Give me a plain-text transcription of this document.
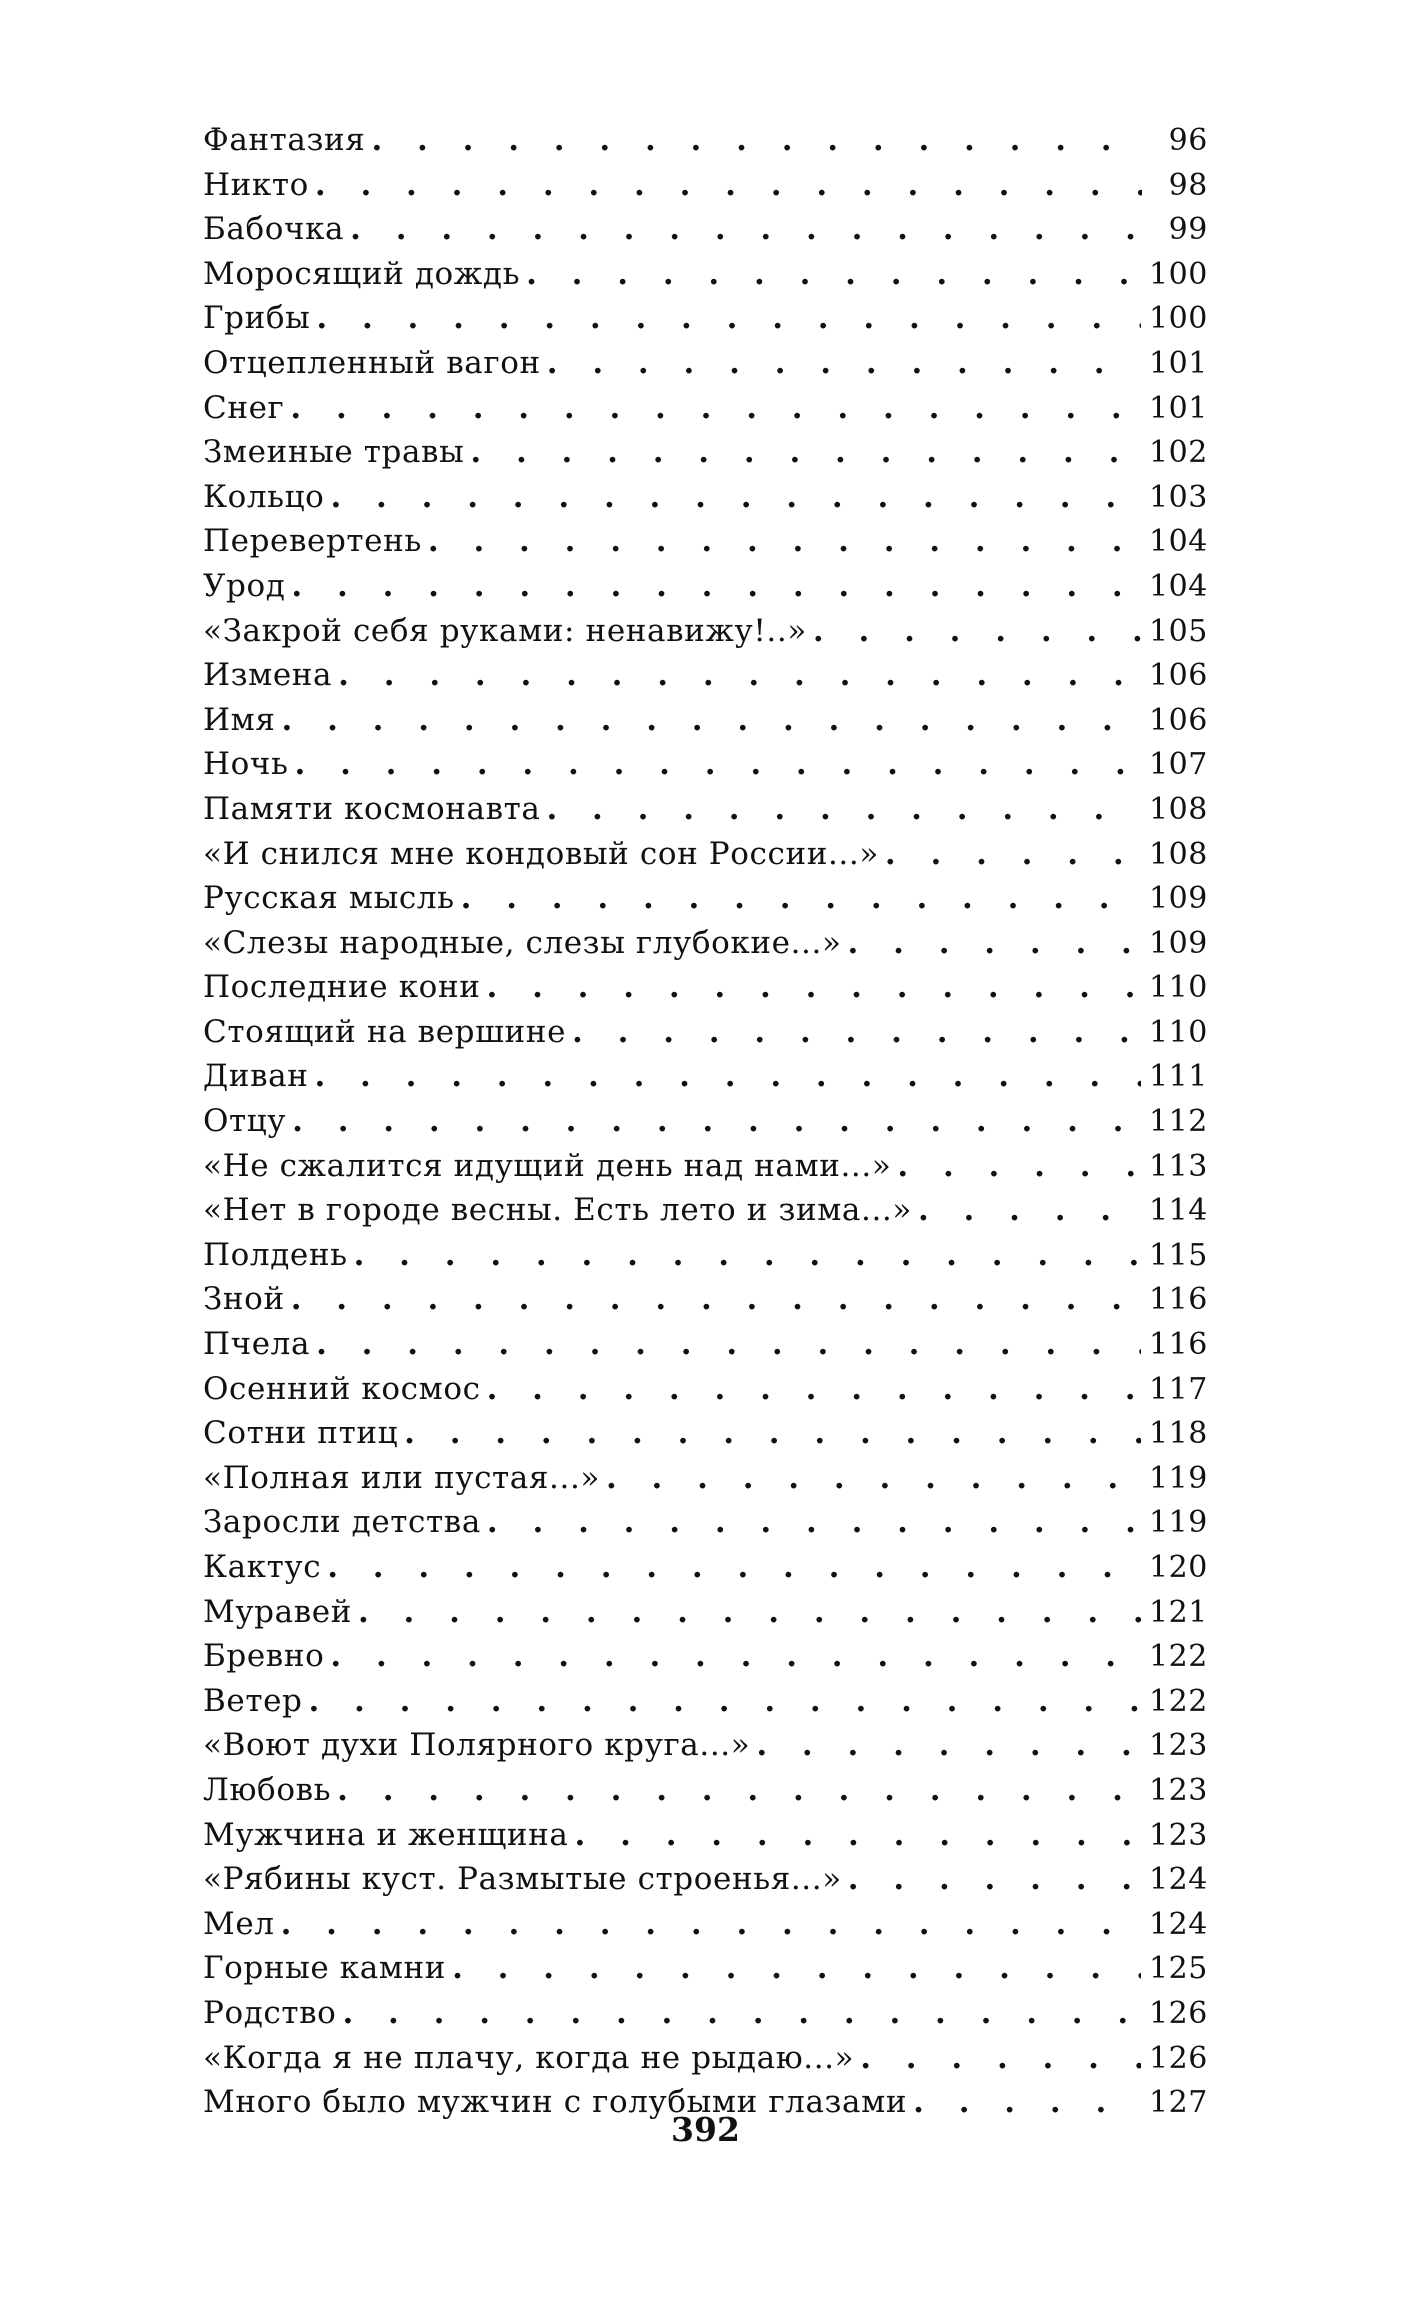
Фантазия . . .	96
Никто . . .	98
Бабочка . . .	99
Моросящий дождь . . .	100
Грибы . . .	100
Отцепленный вагон . . .	101
Снег . . .	101
Змеиные травы . . .	102
Кольцо . . .	103
Перевертень . . .	104
Урод . . .	104
«Закрой себя руками: ненавижу!..» . . .	105
Измена . . .	106
Имя . . .	106
Ночь . . .	107
Памяти космонавта . . .	108
«И снился мне кондовый сон России...» . . .	108
Русская мысль . . .	109
«Слезы народные, слезы глубокие...» . . .	109
Последние кони . . .	110
Стоящий на вершине . . .	110
Диван . . .	111
Отцу . . .	112
«Не сжалится идущий день над нами...» . . .	113
«Нет в городе весны. Есть лето и зима...» . . .	114
Полдень . . .	115
Зной . . .	116
Пчела . . .	116
Осенний космос . . .	117
Сотни птиц . . .	118
«Полная или пустая...» . . .	119
Заросли детства . . .	119
Кактус . . .	120
Муравей . . .	121
Бревно . . .	122
Ветер . . .	122
«Воют духи Полярного круга...» . . .	123
Любовь . . .	123
Мужчина и женщина . . .	123
«Рябины куст. Размытые строенья...» . . .	124
Мел . . .	124
Горные камни . . .	125
Родство . . .	126
«Когда я не плачу, когда не рыдаю...» . . .	126
Много было мужчин с голубыми глазами . . .	127
392
